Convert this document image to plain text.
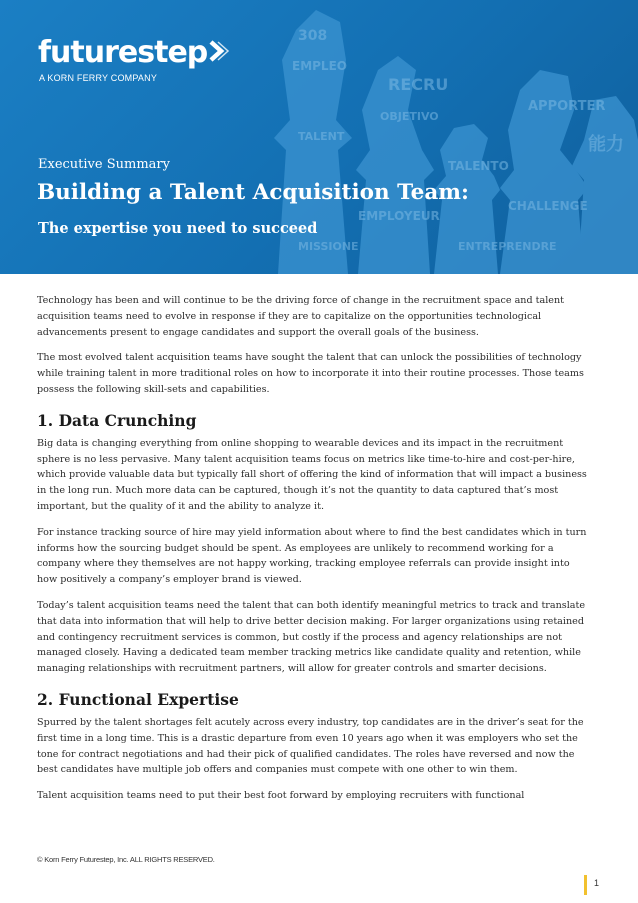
308
EMPLEO
RECRU
OBJETIVO
TALENT
TALENTO
APPORTER
能力
EMPLOYEUR
CHALLENGE
MISSIONE	ENTREPRENDRE
futurestep
A KORN FERRY COMPANY
Executive Summary
Building a Talent Acquisition Team:
The expertise you need to succeed

Technology has been and will continue to be the driving force of change in the recruitment space and talent acquisition teams need to evolve in response if they are to capitalize on the opportunities technological advancements present to engage candidates and support the overall goals of the business.

The most evolved talent acquisition teams have sought the talent that can unlock the possibilities of technology while training talent in more traditional roles on how to incorporate it into their routine processes. Those teams possess the following skill-sets and capabilities.

1. Data Crunching

Big data is changing everything from online shopping to wearable devices and its impact in the recruitment sphere is no less pervasive. Many talent acquisition teams focus on metrics like time-to-hire and cost-per-hire, which provide valuable data but typically fall short of offering the kind of information that will impact a business in the long run. Much more data can be captured, though it’s not the quantity to data captured that’s most important, but the quality of it and the ability to analyze it.

For instance tracking source of hire may yield information about where to find the best candidates which in turn informs how the sourcing budget should be spent. As employees are unlikely to recommend working for a company where they themselves are not happy working, tracking employee referrals can provide insight into how positively a company’s employer brand is viewed.

Today’s talent acquisition teams need the talent that can both identify meaningful metrics to track and translate that data into information that will help to drive better decision making. For larger organizations using retained and contingency recruitment services is common, but costly if the process and agency relationships are not managed closely. Having a dedicated team member tracking metrics like candidate quality and retention, while managing relationships with recruitment partners, will allow for greater controls and smarter decisions.

2. Functional Expertise

Spurred by the talent shortages felt acutely across every industry, top candidates are in the driver’s seat for the first time in a long time. This is a drastic departure from even 10 years ago when it was employers who set the tone for contract negotiations and had their pick of qualified candidates. The roles have reversed and now the best candidates have multiple job offers and companies must compete with one other to win them.

Talent acquisition teams need to put their best foot forward by employing recruiters with functional

© Korn Ferry Futurestep, Inc. ALL RIGHTS RESERVED.
1
